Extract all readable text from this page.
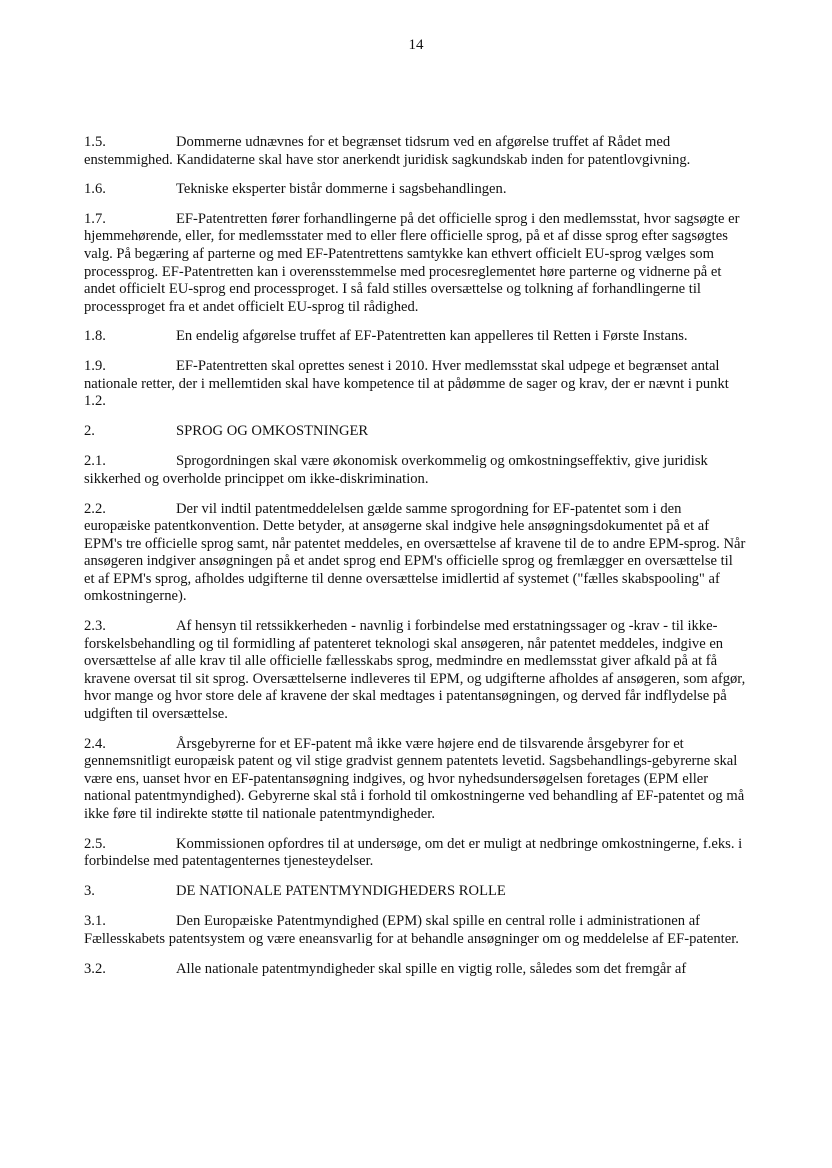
14

1.5.	Dommerne udnævnes for et begrænset tidsrum ved en afgørelse truffet af Rådet med enstemmighed. Kandidaterne skal have stor anerkendt juridisk sagkundskab inden for patentlovgivning.

1.6.	Tekniske eksperter bistår dommerne i sagsbehandlingen.

1.7.	EF-Patentretten fører forhandlingerne på det officielle sprog i den medlemsstat, hvor sagsøgte er hjemmehørende, eller, for medlemsstater med to eller flere officielle sprog, på et af disse sprog efter sagsøgtes valg. På begæring af parterne og med EF-Patentrettens samtykke kan ethvert officielt EU-sprog vælges som processprog. EF-Patentretten kan i overensstemmelse med procesreglementet høre parterne og vidnerne på et andet officielt EU-sprog end processproget. I så fald stilles oversættelse og tolkning af forhandlingerne til processproget fra et andet officielt EU-sprog til rådighed.

1.8.	En endelig afgørelse truffet af EF-Patentretten kan appelleres til Retten i Første Instans.

1.9.	EF-Patentretten skal oprettes senest i 2010. Hver medlemsstat skal udpege et begrænset antal nationale retter, der i mellemtiden skal have kompetence til at pådømme de sager og krav, der er nævnt i punkt 1.2.

2.	SPROG OG OMKOSTNINGER

2.1.	Sprogordningen skal være økonomisk overkommelig og omkostningseffektiv, give juridisk sikkerhed og overholde princippet om ikke-diskrimination.

2.2.	Der vil indtil patentmeddelelsen gælde samme sprogordning for EF-patentet som i den europæiske patentkonvention. Dette betyder, at ansøgerne skal indgive hele ansøgningsdokumentet på et af EPM's tre officielle sprog samt, når patentet meddeles, en oversættelse af kravene til de to andre EPM-sprog. Når ansøgeren indgiver ansøgningen på et andet sprog end EPM's officielle sprog og fremlægger en oversættelse til et af EPM's sprog, afholdes udgifterne til denne oversættelse imidlertid af systemet ("fælles skabspooling" af omkostningerne).

2.3.	Af hensyn til retssikkerheden - navnlig i forbindelse med erstatningssager og -krav - til ikke-forskelsbehandling og til formidling af patenteret teknologi skal ansøgeren, når patentet meddeles, indgive en oversættelse af alle krav til alle officielle fællesskabs sprog, medmindre en medlemsstat giver afkald på at få kravene oversat til sit sprog. Oversættelserne indleveres til EPM, og udgifterne afholdes af ansøgeren, som afgør, hvor mange og hvor store dele af kravene der skal medtages i patentansøgningen, og derved får indflydelse på udgiften til oversættelse.

2.4.	Årsgebyrerne for et EF-patent må ikke være højere end de tilsvarende årsgebyrer for et gennemsnitligt europæisk patent og vil stige gradvist gennem patentets levetid. Sagsbehandlings-gebyrerne skal være ens, uanset hvor en EF-patentansøgning indgives, og hvor nyhedsundersøgelsen foretages (EPM eller national patentmyndighed). Gebyrerne skal stå i forhold til omkostningerne ved behandling af EF-patentet og må ikke føre til indirekte støtte til nationale patentmyndigheder.

2.5.	Kommissionen opfordres til at undersøge, om det er muligt at nedbringe omkostningerne, f.eks. i forbindelse med patentagenternes tjenesteydelser.

3.	DE NATIONALE PATENTMYNDIGHEDERS ROLLE

3.1.	Den Europæiske Patentmyndighed (EPM) skal spille en central rolle i administrationen af Fællesskabets patentsystem og være eneansvarlig for at behandle ansøgninger om og meddelelse af EF-patenter.

3.2.	Alle nationale patentmyndigheder skal spille en vigtig rolle, således som det fremgår af
